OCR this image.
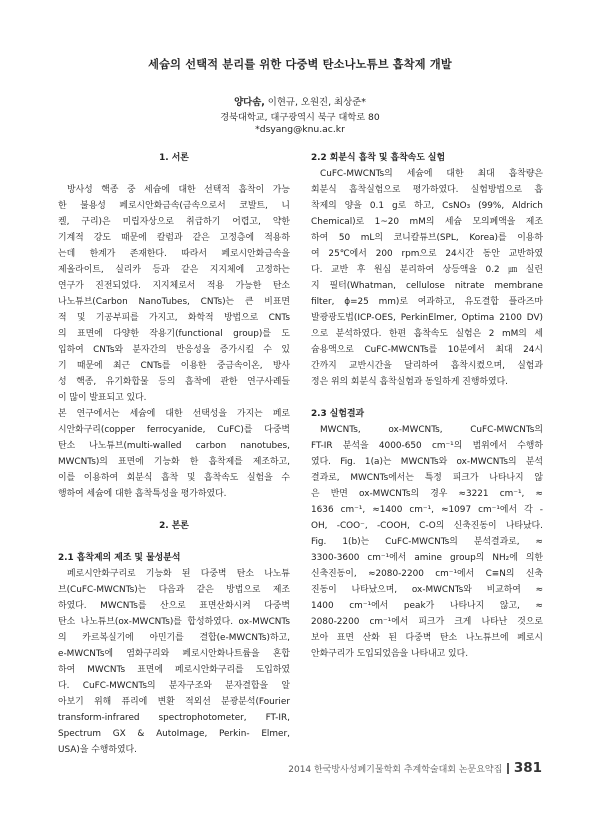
세슘의 선택적 분리를 위한 다중벽 탄소나노튜브 흡착제 개발
양다솜, 이현규, 오원진, 최상준*
경북대학교, 대구광역시 북구 대학로 80
*dsyang@knu.ac.kr
1. 서론
방사성 핵종 중 세슘에 대한 선택적 흡착이 가능
한 불용성 페로시안화금속(금속으로서 코발트, 니
켈, 구리)은 미립자상으로 취급하기 어렵고, 약한
기계적 강도 때문에 칼럼과 같은 고정층에 적용하
는데 한계가 존재한다. 따라서 페로시안화금속을
제올라이트, 실리카 등과 같은 지지체에 고정하는
연구가 진전되었다. 지지체로서 적용 가능한 탄소
나노튜브(Carbon NanoTubes, CNTs)는 큰 비표면
적 및 기공부피를 가지고, 화학적 방법으로 CNTs
의 표면에 다양한 작용기(functional group)를 도
입하여 CNTs와 분자간의 반응성을 증가시킬 수 있
기 때문에 최근 CNTs를 이용한 중금속이온, 방사
성 핵종, 유기화합물 등의 흡착에 관한 연구사례들
이 많이 발표되고 있다.
본 연구에서는 세슘에 대한 선택성을 가지는 페로
시안화구리(copper ferrocyanide, CuFC)를 다중벽
탄소 나노튜브(multi-walled carbon nanotubes,
MWCNTs)의 표면에 기능화 한 흡착제를 제조하고,
이를 이용하여 회분식 흡착 및 흡착속도 실험을 수
행하여 세슘에 대한 흡착특성을 평가하였다.
2. 본론
2.1 흡착제의 제조 및 물성분석
페로시안화구리로 기능화 된 다중벽 탄소 나노튜
브(CuFC-MWCNTs)는 다음과 같은 방법으로 제조
하였다. MWCNTs를 산으로 표면산화시켜 다중벽
탄소 나노튜브(ox-MWCNTs)를 합성하였다. ox-MWCNTs
의 카르복실기에 아민기를 결합(e-MWCNTs)하고,
e-MWCNTs에 염화구리와 페로시안화나트륨을 혼합
하여 MWCNTs 표면에 페로시안화구리를 도입하였
다. CuFC-MWCNTs의 분자구조와 분자결합을 알
아보기 위해 퓨리에 변환 적외선 분광분석(Fourier
transform-infrared spectrophotometer, FT-IR,
Spectrum GX & AutoImage, Perkin- Elmer,
USA)을 수행하였다.
2.2 회분식 흡착 및 흡착속도 실험
CuFC-MWCNTs의 세슘에 대한 최대 흡착량은
회분식 흡착실험으로 평가하였다. 실험방법으로 흡
착제의 양을 0.1 g로 하고, CsNO₃ (99%, Aldrich
Chemical)로 1~20 mM의 세슘 모의폐액을 제조
하여 50 mL의 코니칼튜브(SPL, Korea)를 이용하
여 25℃에서 200 rpm으로 24시간 동안 교반하였
다. 교반 후 원심 분리하여 상등액을 0.2 ㎛ 실린
지 필터(Whatman, cellulose nitrate membrane
filter, ɸ=25 mm)로 여과하고, 유도결합 플라즈마
발광광도법(ICP-OES, PerkinElmer, Optima 2100 DV)
으로 분석하였다. 한편 흡착속도 실험은 2 mM의 세
슘용액으로 CuFC-MWCNTs를 10분에서 최대 24시
간까지 교반시간을 달리하여 흡착시켰으며, 실험과
정은 위의 회분식 흡착실험과 동일하게 진행하였다.
2.3 실험결과
MWCNTs,	ox-MWCNTs,	CuFC-MWCNTs의
FT-IR 분석을 4000-650 cm⁻¹의 범위에서 수행하
였다. Fig. 1(a)는 MWCNTs와 ox-MWCNTs의 분석
결과로, MWCNTs에서는 특정 피크가 나타나지 않
은 반면 ox-MWCNTs의 경우 ≈3221 cm⁻¹, ≈
1636 cm⁻¹, ≈1400 cm⁻¹, ≈1097 cm⁻¹에서 각 -
OH, -COO⁻, -COOH, C-O의 신축진동이 나타났다.
Fig. 1(b)는 CuFC-MWCNTs의 분석결과로, ≈
3300-3600 cm⁻¹에서 amine group의 NH₂에 의한
신축진동이, ≈2080-2200 cm⁻¹에서 C≡N의 신축
진동이 나타났으며, ox-MWCNTs와 비교하여 ≈
1400 cm⁻¹에서 peak가 나타나지 않고, ≈
2080-2200 cm⁻¹에서 피크가 크게 나타난 것으로
보아 표면 산화 된 다중벽 탄소 나노튜브에 페로시
안화구리가 도입되었음을 나타내고 있다.
2014 한국방사성폐기물학회 추계학술대회 논문요약집 381
